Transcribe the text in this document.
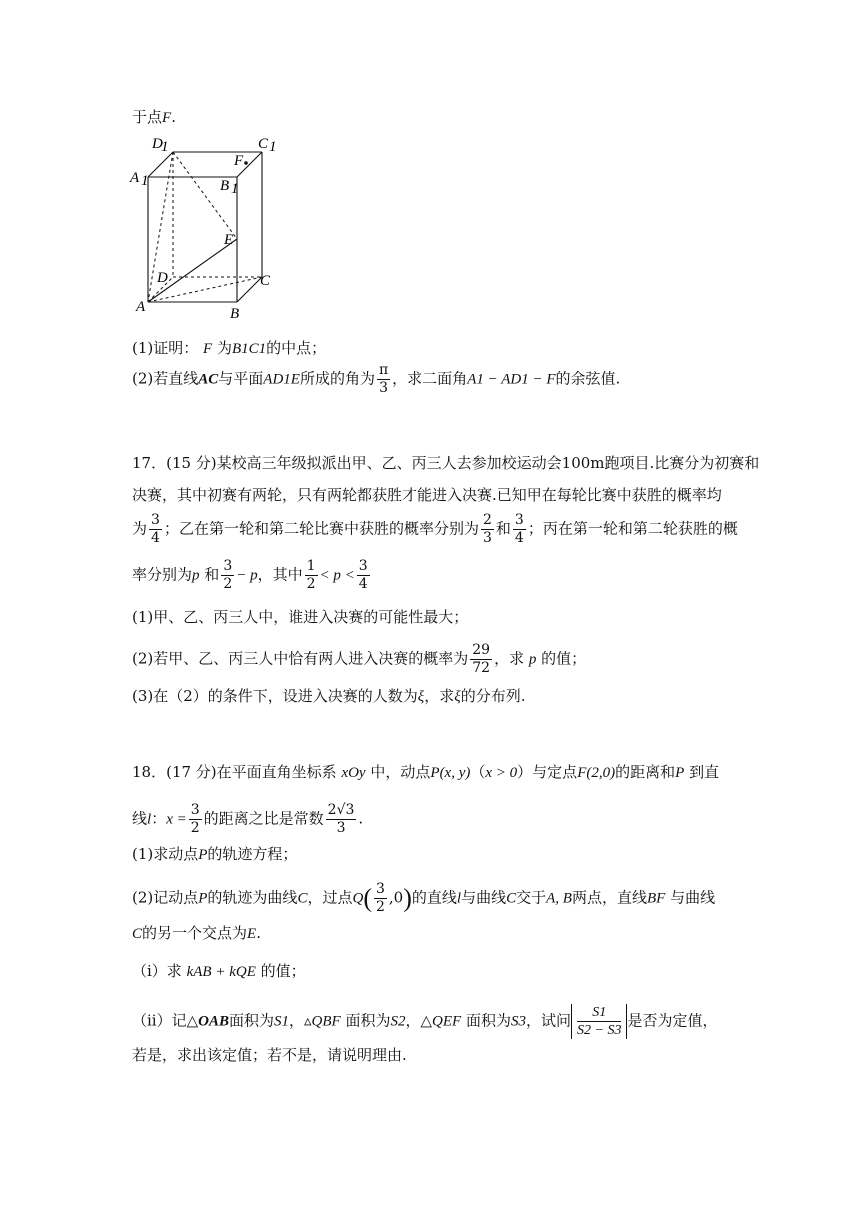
于点F.
D
1	C 1
A 1	B 1
F
E
D	C
A	B
(1)证明： F 为B1C1的中点；
(2)若直线AC与平面AD1E所成的角为 $\frac{\pi}{3}$ ，求二面角A1 − AD1 − F的余弦值.
17．(15 分)某校高三年级拟派出甲、乙、丙三人去参加校运动会100m跑项目.比赛分为初赛和
决赛，其中初赛有两轮，只有两轮都获胜才能进入决赛.已知甲在每轮比赛中获胜的概率均
为 $\frac{3}{4}$ ；乙在第一轮和第二轮比赛中获胜的概率分别为 $\frac{2}{3}$ 和 $\frac{3}{4}$ ；丙在第一轮和第二轮获胜的概
率分别为p 和 $\frac{3}{2} - p$，其中 $\frac{1}{2} < p < \frac{3}{4}$
(1)甲、乙、丙三人中，谁进入决赛的可能性最大；
(2)若甲、乙、丙三人中恰有两人进入决赛的概率为 $\frac{29}{72}$ ，求 p 的值；
(3)在（2）的条件下，设进入决赛的人数为ξ，求ξ的分布列.
18．(17 分)在平面直角坐标系 xOy 中，动点P(x, y)（x > 0）与定点F(2,0)的距离和P 到直
线l：$x = \frac{3}{2}$ 的距离之比是常数 $\frac{2√3}{3}$ .
(1)求动点P的轨迹方程；
(2)记动点P的轨迹为曲线C，过点$Q( \frac{3}{2} ,0)$的直线l与曲线C交于A, B两点，直线BF 与曲线
C的另一个交点为E.
（i）求 kAB + kQE 的值；
（ii）记△OAB面积为S1，▵QBF 面积为S2，△QEF 面积为S3，试问 $\frac{S1}{S2 - S3}$ 是否为定值，
若是，求出该定值；若不是，请说明理由.
